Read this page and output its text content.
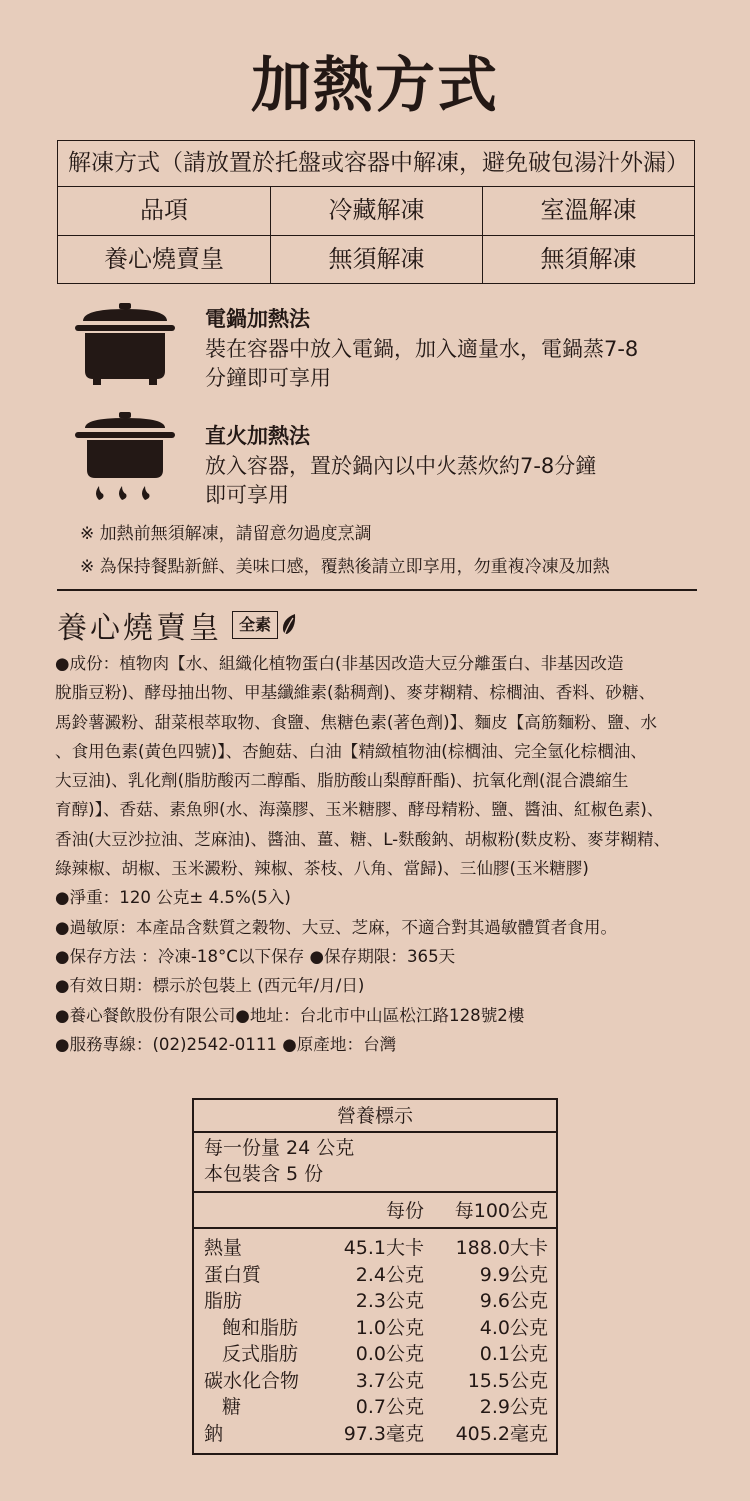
加熱方式
解凍方式（請放置於托盤或容器中解凍，避免破包湯汁外漏）
品項	冷藏解凍	室溫解凍
養心燒賣皇	無須解凍	無須解凍
電鍋加熱法
裝在容器中放入電鍋，加入適量水，電鍋蒸7-8
分鐘即可享用
直火加熱法
放入容器，置於鍋內以中火蒸炊約7-8分鐘
即可享用
※ 加熱前無須解凍，請留意勿過度烹調
※ 為保持餐點新鮮、美味口感，覆熱後請立即享用，勿重複冷凍及加熱
養心燒賣皇	全素
●成份：植物肉【水、組織化植物蛋白(非基因改造大豆分離蛋白、非基因改造
脫脂豆粉)、酵母抽出物、甲基纖維素(黏稠劑)、麥芽糊精、棕櫚油、香料、砂糖、
馬鈴薯澱粉、甜菜根萃取物、食鹽、焦糖色素(著色劑)】、麵皮【高筋麵粉、鹽、水
、食用色素(黃色四號)】、杏鮑菇、白油【精緻植物油(棕櫚油、完全氫化棕櫚油、
大豆油)、乳化劑(脂肪酸丙二醇酯、脂肪酸山梨醇酐酯)、抗氧化劑(混合濃縮生
育醇)】、香菇、素魚卵(水、海藻膠、玉米糖膠、酵母精粉、鹽、醬油、紅椒色素)、
香油(大豆沙拉油、芝麻油)、醬油、薑、糖、L-麩酸鈉、胡椒粉(麩皮粉、麥芽糊精、
綠辣椒、胡椒、玉米澱粉、辣椒、茶枝、八角、當歸)、三仙膠(玉米糖膠)
●淨重：120 公克± 4.5%(5入)
●過敏原：本產品含麩質之穀物、大豆、芝麻，不適合對其過敏體質者食用。
●保存方法 ：冷凍-18°C以下保存 ●保存期限：365天
●有效日期：標示於包裝上 (西元年/月/日)
●養心餐飲股份有限公司●地址：台北市中山區松江路128號2樓
●服務專線：(02)2542-0111 ●原產地：台灣
營養標示
每一份量 24 公克
本包裝含 5 份
每份	每100公克
熱量	45.1大卡	188.0大卡
蛋白質	2.4公克	9.9公克
脂肪	2.3公克	9.6公克
飽和脂肪	1.0公克	4.0公克
反式脂肪	0.0公克	0.1公克
碳水化合物	3.7公克	15.5公克
糖	0.7公克	2.9公克
鈉	97.3毫克	405.2毫克
